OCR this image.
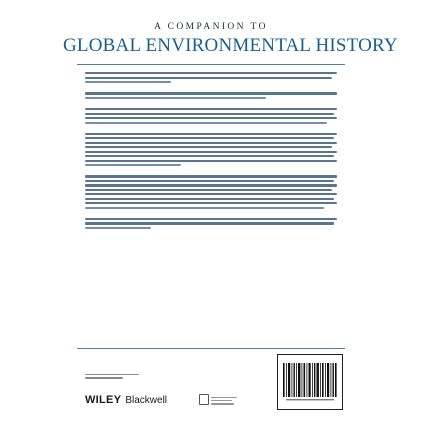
A COMPANION TO
GLOBAL ENVIRONMENTAL HISTORY
WILEY Blackwell
